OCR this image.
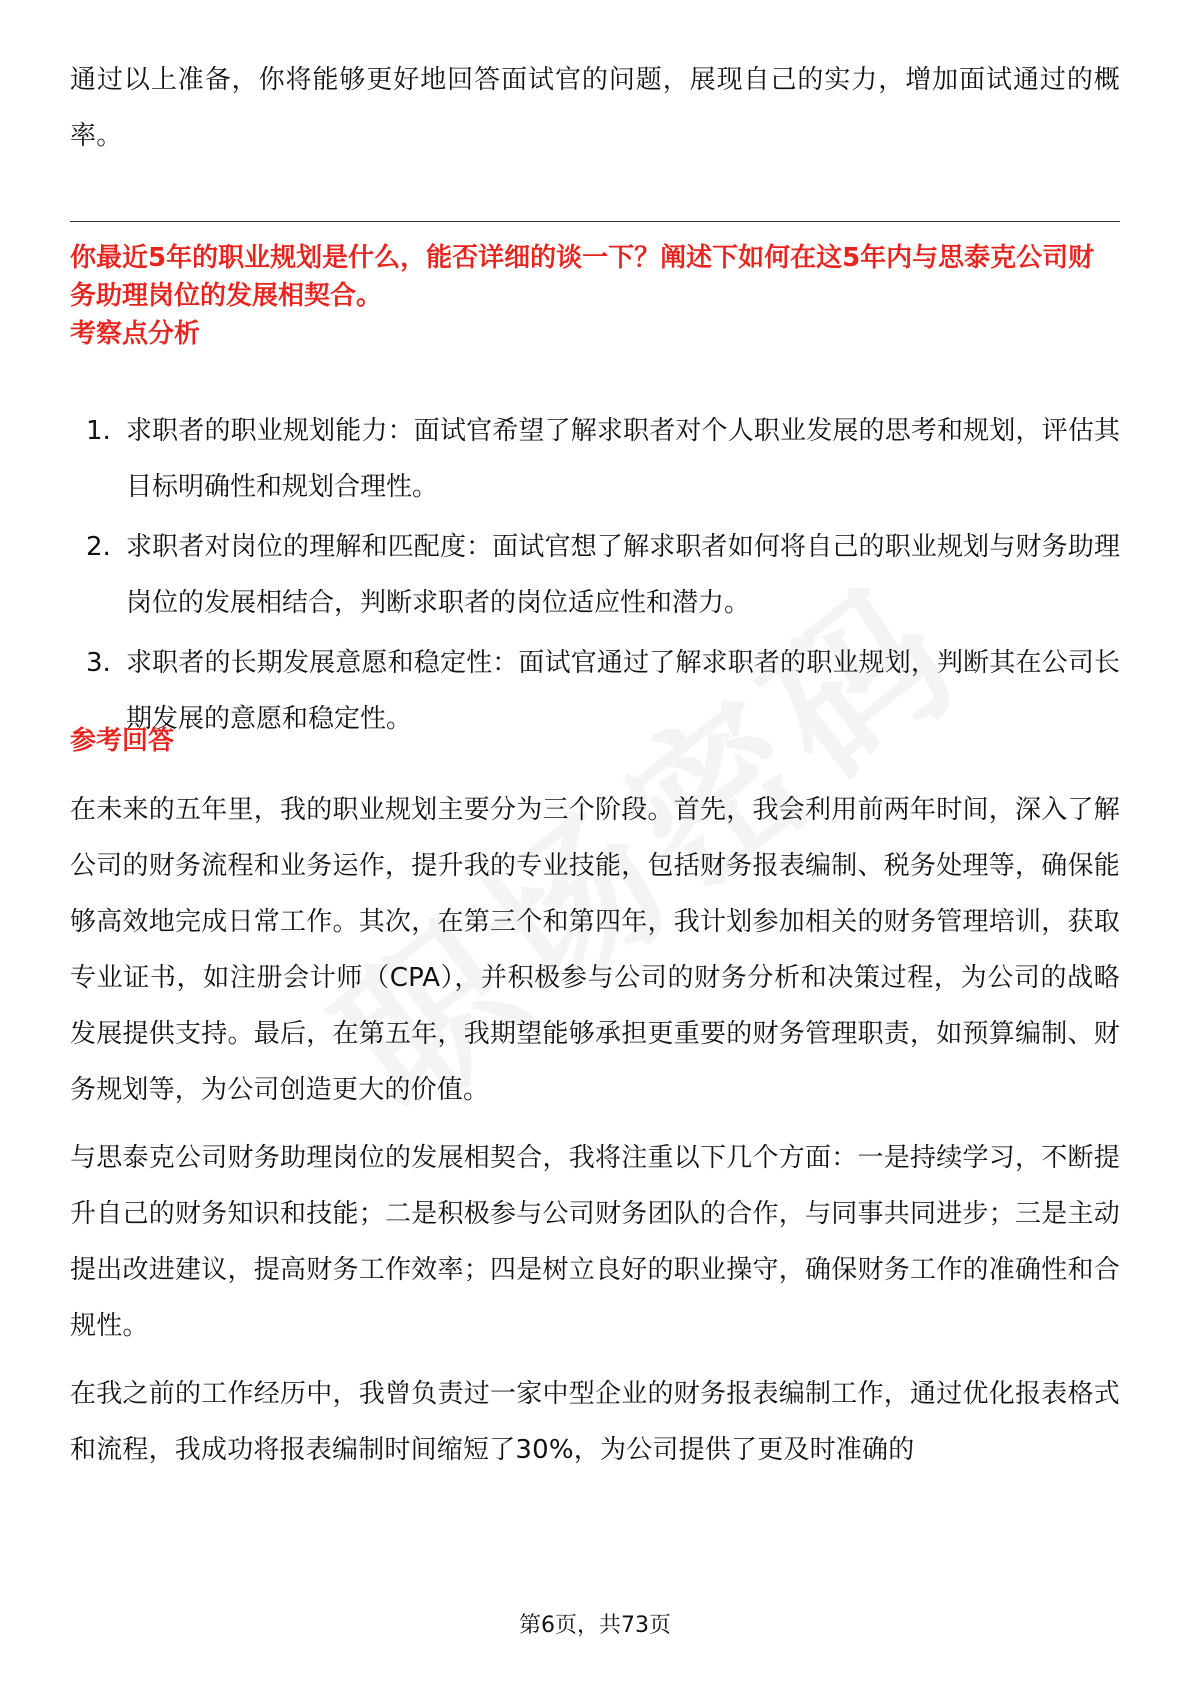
通过以上准备，你将能够更好地回答面试官的问题，展现自己的实力，增加面试通过的概率。

你最近5年的职业规划是什么，能否详细的谈一下？阐述下如何在这5年内与思泰克公司财务助理岗位的发展相契合。

考察点分析

1. 求职者的职业规划能力：面试官希望了解求职者对个人职业发展的思考和规划，评估其目标明确性和规划合理性。
2. 求职者对岗位的理解和匹配度：面试官想了解求职者如何将自己的职业规划与财务助理岗位的发展相结合，判断求职者的岗位适应性和潜力。
3. 求职者的长期发展意愿和稳定性：面试官通过了解求职者的职业规划，判断其在公司长期发展的意愿和稳定性。

参考回答

在未来的五年里，我的职业规划主要分为三个阶段。首先，我会利用前两年时间，深入了解公司的财务流程和业务运作，提升我的专业技能，包括财务报表编制、税务处理等，确保能够高效地完成日常工作。其次，在第三个和第四年，我计划参加相关的财务管理培训，获取专业证书，如注册会计师（CPA），并积极参与公司的财务分析和决策过程，为公司的战略发展提供支持。最后，在第五年，我期望能够承担更重要的财务管理职责，如预算编制、财务规划等，为公司创造更大的价值。

与思泰克公司财务助理岗位的发展相契合，我将注重以下几个方面：一是持续学习，不断提升自己的财务知识和技能；二是积极参与公司财务团队的合作，与同事共同进步；三是主动提出改进建议，提高财务工作效率；四是树立良好的职业操守，确保财务工作的准确性和合规性。

在我之前的工作经历中，我曾负责过一家中型企业的财务报表编制工作，通过优化报表格式和流程，我成功将报表编制时间缩短了30%，为公司提供了更及时准确的

第6页，共73页
